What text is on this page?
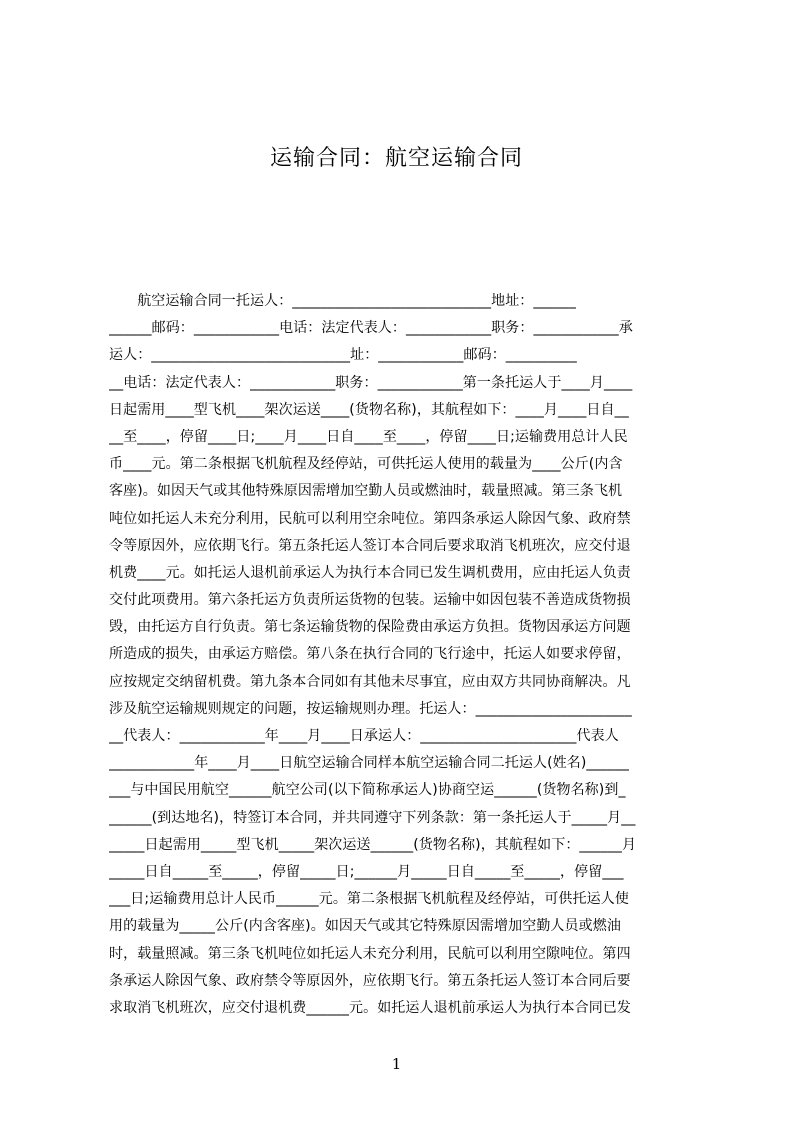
运输合同：航空运输合同
　　航空运输合同一托运人：____________________________地址：______
______邮码：____________电话：法定代表人：____________职务：____________承
运人：____________________________址：____________邮码：__________
__电话：法定代表人：____________职务：____________第一条托运人于____月____
日起需用____型飞机____架次运送____(货物名称)，其航程如下：____月____日自__
__至____，停留____日;____月____日自____至____，停留____日;运输费用总计人民
币____元。第二条根据飞机航程及经停站，可供托运人使用的载量为____公斤(内含
客座)。如因天气或其他特殊原因需增加空勤人员或燃油时，载量照减。第三条飞机
吨位如托运人未充分利用，民航可以利用空余吨位。第四条承运人除因气象、政府禁
令等原因外，应依期飞行。第五条托运人签订本合同后要求取消飞机班次，应交付退
机费____元。如托运人退机前承运人为执行本合同已发生调机费用，应由托运人负责
交付此项费用。第六条托运方负责所运货物的包装。运输中如因包装不善造成货物损
毁，由托运方自行负责。第七条运输货物的保险费由承运方负担。货物因承运方问题
所造成的损失，由承运方赔偿。第八条在执行合同的飞行途中，托运人如要求停留，
应按规定交纳留机费。第九条本合同如有其他未尽事宜，应由双方共同协商解决。凡
涉及航空运输规则规定的问题，按运输规则办理。托运人：______________________
__代表人：____________年____月____日承运人：______________________代表人
____________年____月____日航空运输合同样本航空运输合同二托运人(姓名)______
___与中国民用航空______航空公司(以下简称承运人)协商空运______(货物名称)到_
______(到达地名)，特签订本合同，并共同遵守下列条款：第一条托运人于_____月__
_____日起需用_____型飞机_____架次运送______(货物名称)，其航程如下：______月
_____日自_____至_____，停留_____日;______月_____日自_____至_____，停留___
___日;运输费用总计人民币______元。第二条根据飞机航程及经停站，可供托运人使
用的载量为_____公斤(内含客座)。如因天气或其它特殊原因需增加空勤人员或燃油
时，载量照减。第三条飞机吨位如托运人未充分利用，民航可以利用空隙吨位。第四
条承运人除因气象、政府禁令等原因外，应依期飞行。第五条托运人签订本合同后要
求取消飞机班次，应交付退机费______元。如托运人退机前承运人为执行本合同已发
1
